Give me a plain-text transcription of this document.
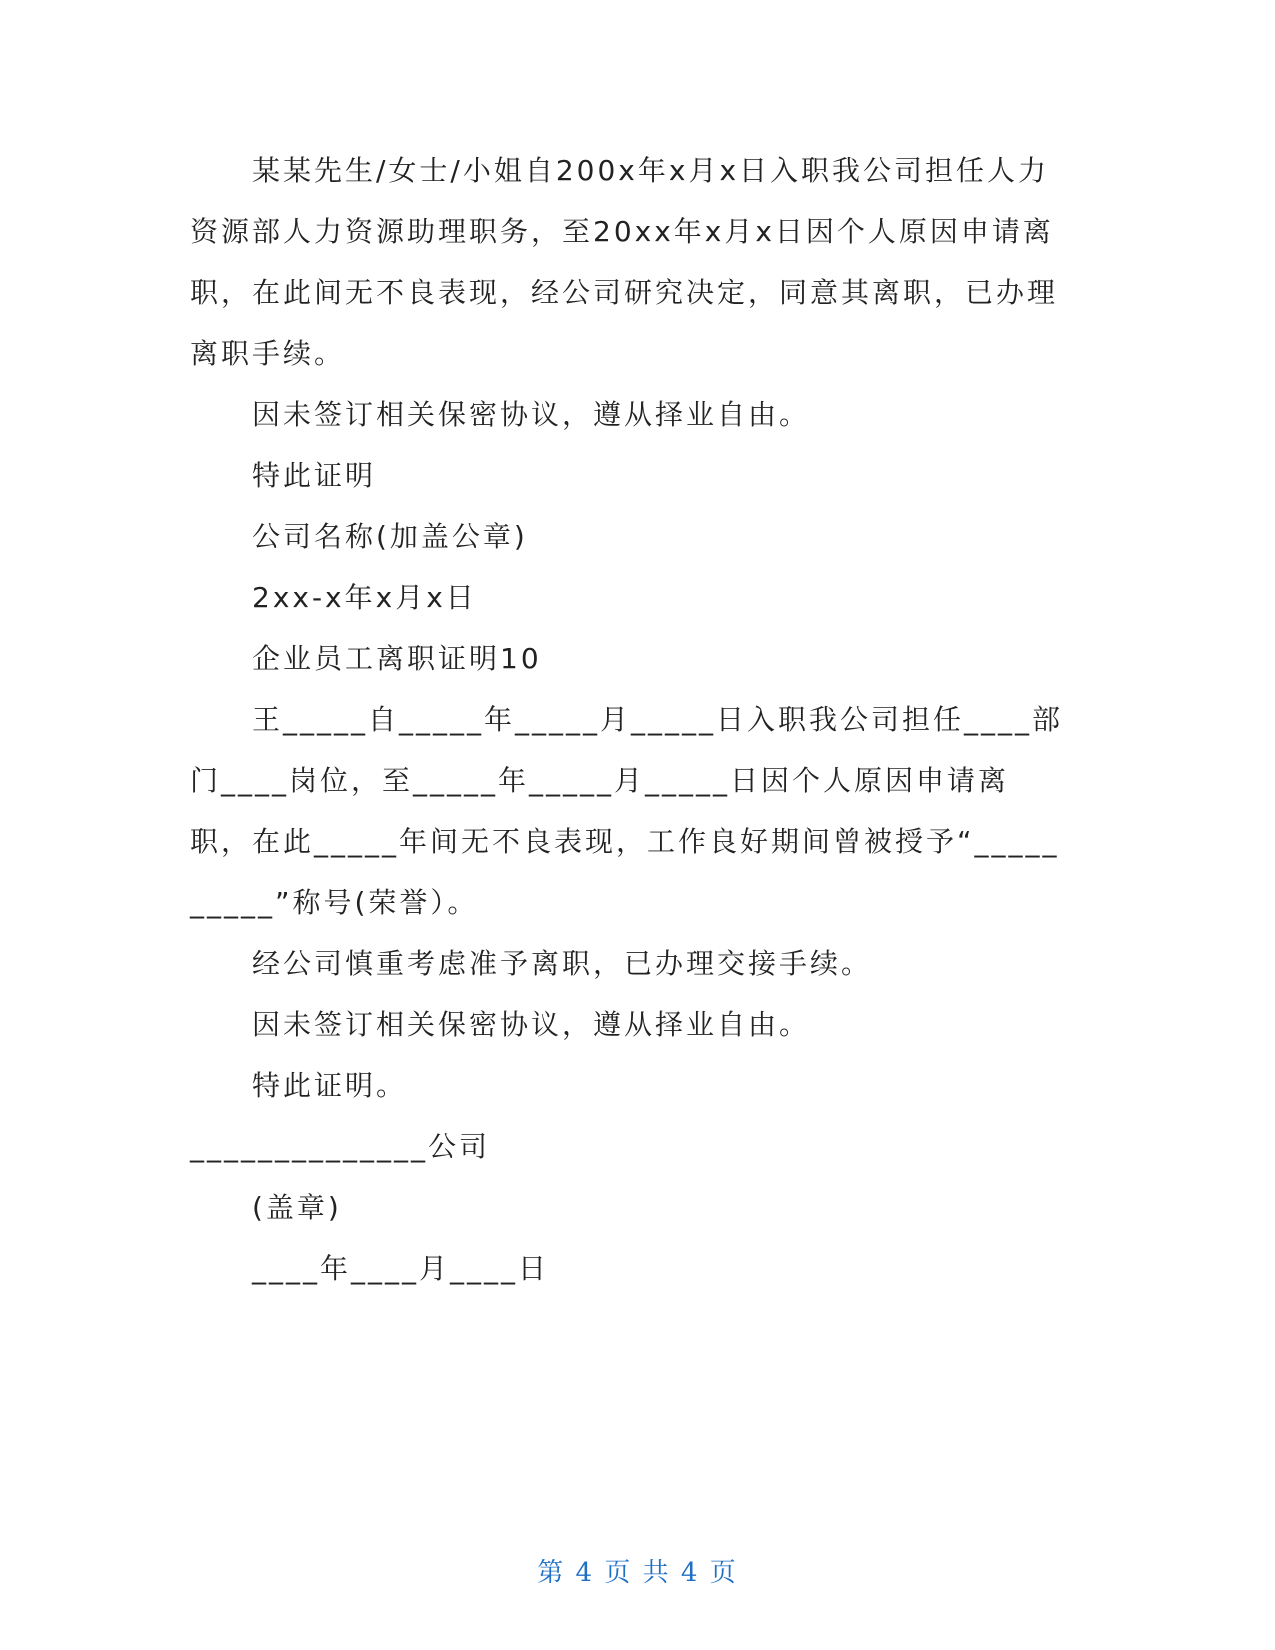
某某先生/女士/小姐自200x年x月x日入职我公司担任人力资源部人力资源助理职务，至20xx年x月x日因个人原因申请离职，在此间无不良表现，经公司研究决定，同意其离职，已办理离职手续。

因未签订相关保密协议，遵从择业自由。

特此证明

公司名称(加盖公章)

2xx-x年x月x日

企业员工离职证明10

王_____自_____年_____月_____日入职我公司担任____部门____岗位，至_____年_____月_____日因个人原因申请离职，在此_____年间无不良表现，工作良好期间曾被授予“__________”称号(荣誉）。

经公司慎重考虑准予离职，已办理交接手续。

因未签订相关保密协议，遵从择业自由。

特此证明。

______________公司

(盖章)

____年____月____日

第 4 页 共 4 页
